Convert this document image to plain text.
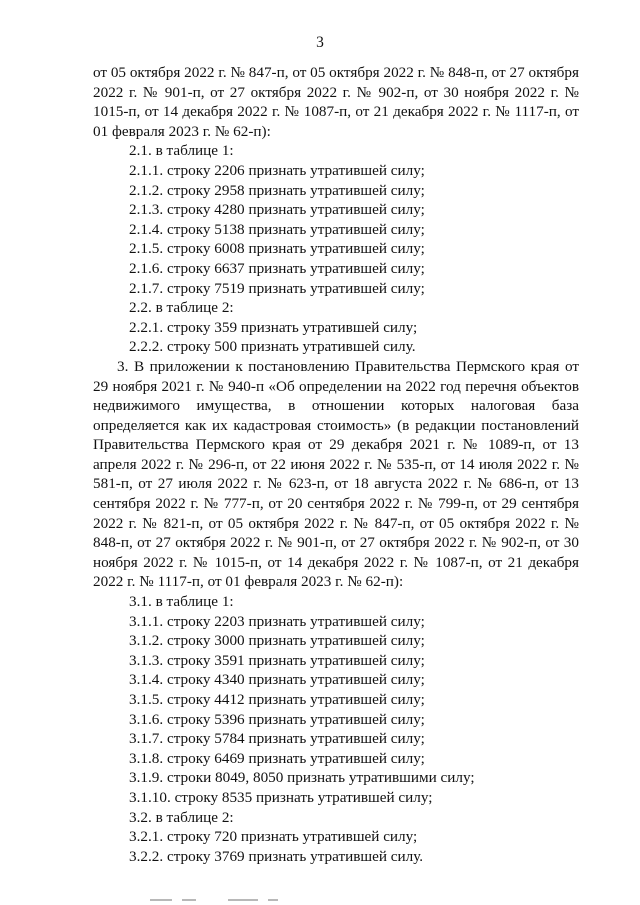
3

от 05 октября 2022 г. № 847-п, от 05 октября 2022 г. № 848-п, от 27 октября 2022 г. № 901-п, от 27 октября 2022 г. № 902-п, от 30 ноября 2022 г. № 1015-п, от 14 декабря 2022 г. № 1087-п, от 21 декабря 2022 г. № 1117-п, от 01 февраля 2023 г. № 62-п):

2.1. в таблице 1:

2.1.1. строку 2206 признать утратившей силу;

2.1.2. строку 2958 признать утратившей силу;

2.1.3. строку 4280 признать утратившей силу;

2.1.4. строку 5138 признать утратившей силу;

2.1.5. строку 6008 признать утратившей силу;

2.1.6. строку 6637 признать утратившей силу;

2.1.7. строку 7519 признать утратившей силу;

2.2. в таблице 2:

2.2.1. строку 359 признать утратившей силу;

2.2.2. строку 500 признать утратившей силу.

3. В приложении к постановлению Правительства Пермского края от 29 ноября 2021 г. № 940-п «Об определении на 2022 год перечня объектов недвижимого имущества, в отношении которых налоговая база определяется как их кадастровая стоимость» (в редакции постановлений Правительства Пермского края от 29 декабря 2021 г. № 1089-п, от 13 апреля 2022 г. № 296-п, от 22 июня 2022 г. № 535-п, от 14 июля 2022 г. № 581-п, от 27 июля 2022 г. № 623-п, от 18 августа 2022 г. № 686-п, от 13 сентября 2022 г. № 777-п, от 20 сентября 2022 г. № 799-п, от 29 сентября 2022 г. № 821-п, от 05 октября 2022 г. № 847-п, от 05 октября 2022 г. № 848-п, от 27 октября 2022 г. № 901-п, от 27 октября 2022 г. № 902-п, от 30 ноября 2022 г. № 1015-п, от 14 декабря 2022 г. № 1087-п, от 21 декабря 2022 г. № 1117-п, от 01 февраля 2023 г. № 62-п):

3.1. в таблице 1:

3.1.1. строку 2203 признать утратившей силу;

3.1.2. строку 3000 признать утратившей силу;

3.1.3. строку 3591 признать утратившей силу;

3.1.4. строку 4340 признать утратившей силу;

3.1.5. строку 4412 признать утратившей силу;

3.1.6. строку 5396 признать утратившей силу;

3.1.7. строку 5784 признать утратившей силу;

3.1.8. строку 6469 признать утратившей силу;

3.1.9. строки 8049, 8050 признать утратившими силу;

3.1.10. строку 8535 признать утратившей силу;

3.2. в таблице 2:

3.2.1. строку 720 признать утратившей силу;

3.2.2. строку 3769 признать утратившей силу.
